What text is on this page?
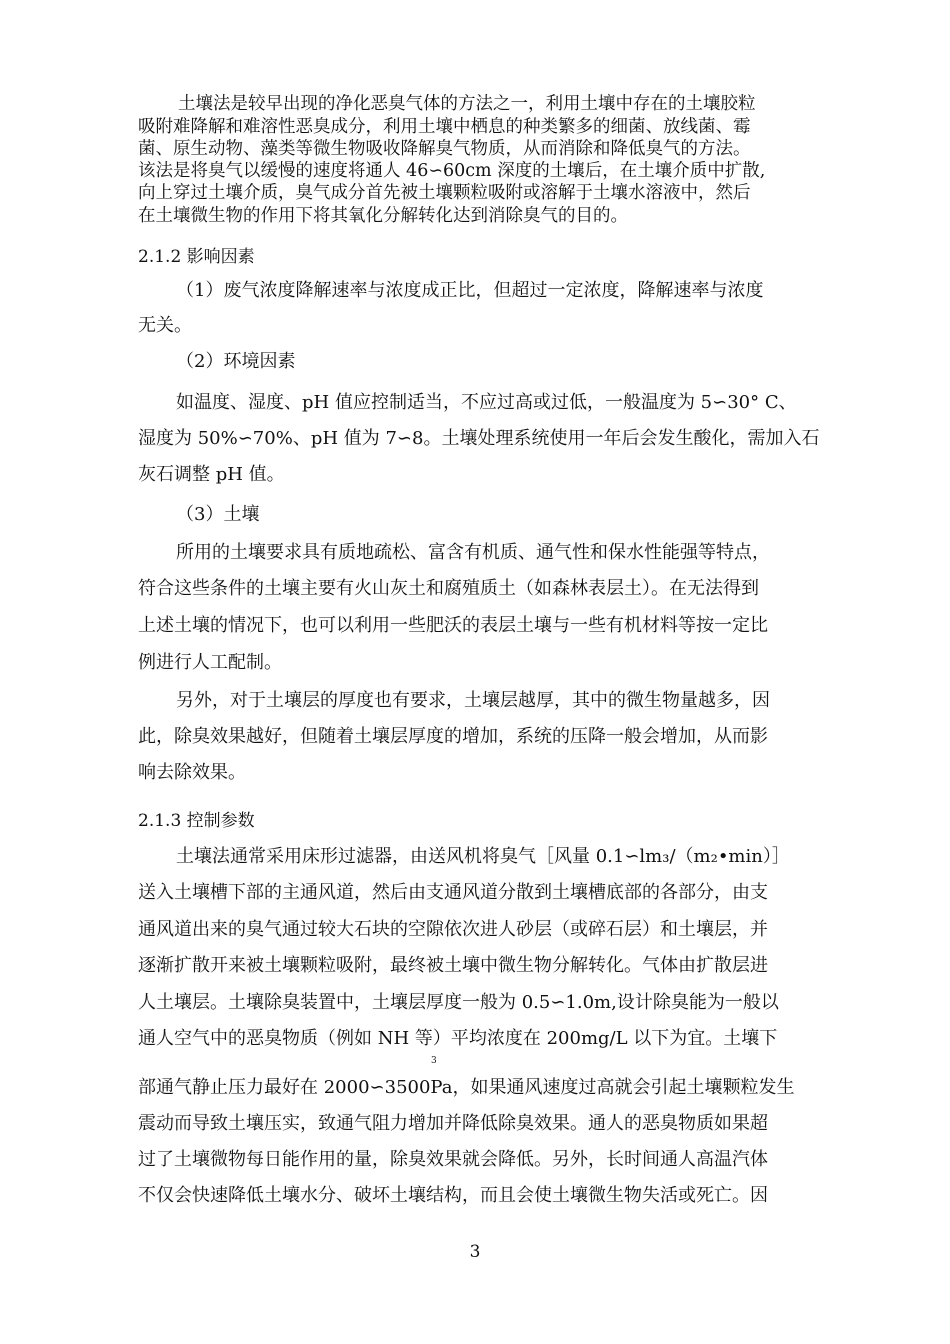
土壤法是较早出现的净化恶臭气体的方法之一，利用土壤中存在的土壤胶粒
吸附难降解和难溶性恶臭成分，利用土壤中栖息的种类繁多的细菌、放线菌、霉
菌、原生动物、藻类等微生物吸收降解臭气物质，从而消除和降低臭气的方法。
该法是将臭气以缓慢的速度将通人 46∽60cm 深度的土壤后，在土壤介质中扩散,
向上穿过土壤介质，臭气成分首先被土壤颗粒吸附或溶解于土壤水溶液中，然后
在土壤微生物的作用下将其氧化分解转化达到消除臭气的目的。
2.1.2 影响因素
（1）废气浓度降解速率与浓度成正比，但超过一定浓度，降解速率与浓度
无关。
（2）环境因素
如温度、湿度、pH 值应控制适当，不应过高或过低，一般温度为 5∽30° C、
湿度为 50%∽70%、pH 值为 7∽8。土壤处理系统使用一年后会发生酸化，需加入石
灰石调整 pH 值。
（3）土壤
所用的土壤要求具有质地疏松、富含有机质、通气性和保水性能强等特点，
符合这些条件的土壤主要有火山灰土和腐殖质土（如森林表层土）。在无法得到
上述土壤的情况下，也可以利用一些肥沃的表层土壤与一些有机材料等按一定比
例进行人工配制。
另外，对于土壤层的厚度也有要求，土壤层越厚，其中的微生物量越多，因
此，除臭效果越好，但随着土壤层厚度的增加，系统的压降一般会增加，从而影
响去除效果。
2.1.3 控制参数
土壤法通常采用床形过滤器，由送风机将臭气［风量 0.1∽lm₃/（m₂•min）］
送入土壤槽下部的主通风道，然后由支通风道分散到土壤槽底部的各部分，由支
通风道出来的臭气通过较大石块的空隙依次进人砂层（或碎石层）和土壤层，并
逐渐扩散开来被土壤颗粒吸附，最终被土壤中微生物分解转化。气体由扩散层进
人土壤层。土壤除臭装置中，土壤层厚度一般为 0.5∽1.0m,设计除臭能为一般以
通人空气中的恶臭物质（例如 NH 等）平均浓度在 200mg/L 以下为宜。土壤下
3
部通气静止压力最好在 2000∽3500Pa，如果通风速度过高就会引起土壤颗粒发生
震动而导致土壤压实，致通气阻力增加并降低除臭效果。通人的恶臭物质如果超
过了土壤微物每日能作用的量，除臭效果就会降低。另外，长时间通人高温汽体
不仅会快速降低土壤水分、破坏土壤结构，而且会使土壤微生物失活或死亡。因
3
